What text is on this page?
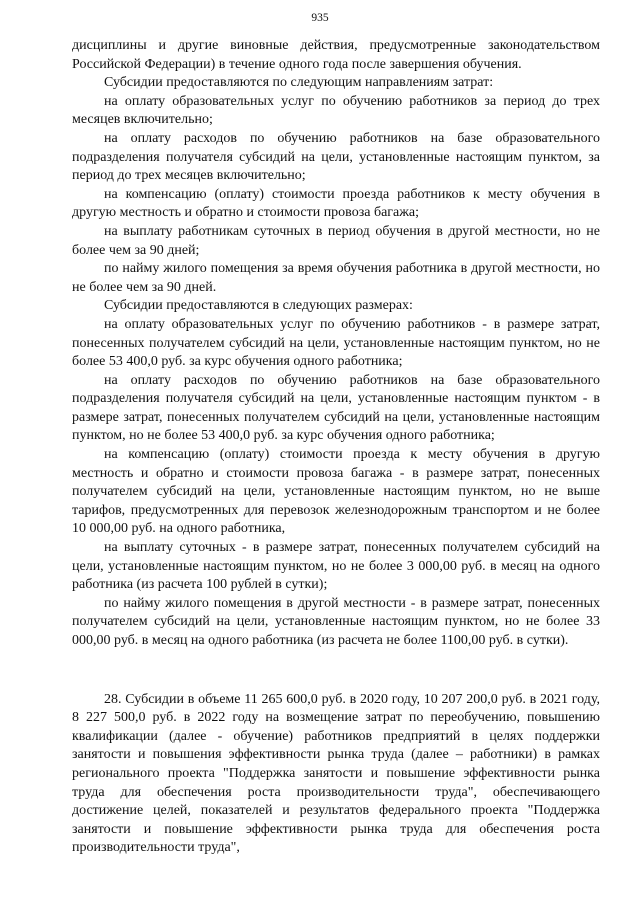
935

дисциплины и другие виновные действия, предусмотренные законодательством Российской Федерации) в течение одного года после завершения обучения.

Субсидии предоставляются по следующим направлениям затрат:

на оплату образовательных услуг по обучению работников за период до трех месяцев включительно;

на оплату расходов по обучению работников на базе образовательного подразделения получателя субсидий на цели, установленные настоящим пунктом, за период до трех месяцев включительно;

на компенсацию (оплату) стоимости проезда работников к месту обучения в другую местность и обратно и стоимости провоза багажа;

на выплату работникам суточных в период обучения в другой местности, но не более чем за 90 дней;

по найму жилого помещения за время обучения работника в другой местности, но не более чем за 90 дней.

Субсидии предоставляются в следующих размерах:

на оплату образовательных услуг по обучению работников - в размере затрат, понесенных получателем субсидий на цели, установленные настоящим пунктом, но не более 53 400,0 руб. за курс обучения одного работника;

на оплату расходов по обучению работников на базе образовательного подразделения получателя субсидий на цели, установленные настоящим пунктом - в размере затрат, понесенных получателем субсидий на цели, установленные настоящим пунктом, но не более 53 400,0 руб. за курс обучения одного работника;

на компенсацию (оплату) стоимости проезда к месту обучения в другую местность и обратно и стоимости провоза багажа - в размере затрат, понесенных получателем субсидий на цели, установленные настоящим пунктом, но не выше тарифов, предусмотренных для перевозок железнодорожным транспортом и не более 10 000,00 руб. на одного работника,

на выплату суточных - в размере затрат, понесенных получателем субсидий на цели, установленные настоящим пунктом, но не более 3 000,00 руб. в месяц на одного работника (из расчета 100 рублей в сутки);

по найму жилого помещения в другой местности - в размере затрат, понесенных получателем субсидий на цели, установленные настоящим пунктом, но не более 33 000,00 руб. в месяц на одного работника (из расчета не более 1100,00 руб. в сутки).

28. Субсидии в объеме 11 265 600,0 руб. в 2020 году, 10 207 200,0 руб. в 2021 году, 8 227 500,0 руб. в 2022 году на возмещение затрат по переобучению, повышению квалификации (далее - обучение) работников предприятий в целях поддержки занятости и повышения эффективности рынка труда (далее – работники) в рамках регионального проекта "Поддержка занятости и повышение эффективности рынка труда для обеспечения роста производительности труда", обеспечивающего достижение целей, показателей и результатов федерального проекта "Поддержка занятости и повышение эффективности рынка труда для обеспечения роста производительности труда",
